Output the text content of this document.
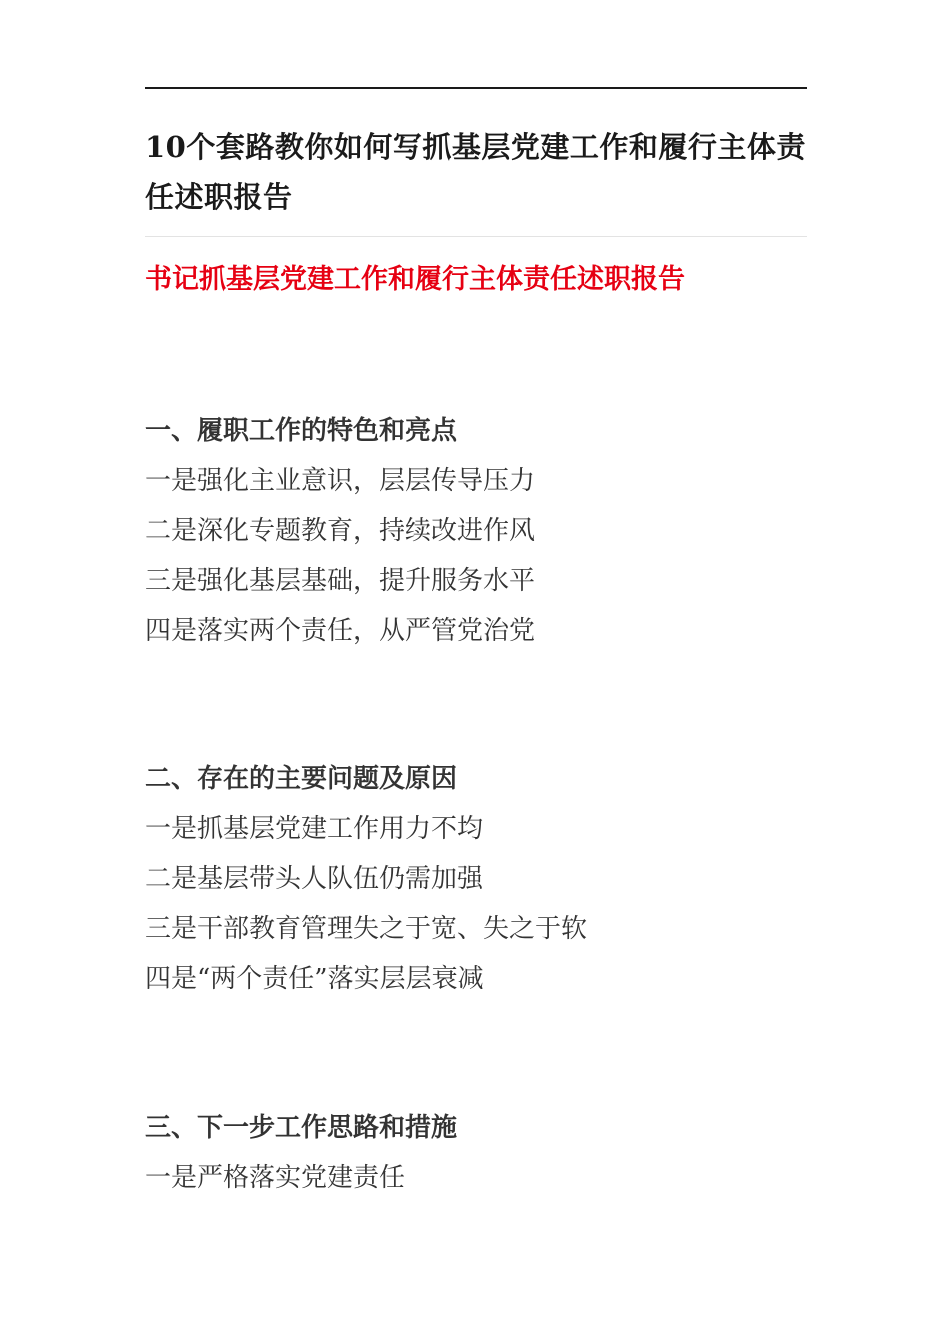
10个套路教你如何写抓基层党建工作和履行主体责任述职报告
书记抓基层党建工作和履行主体责任述职报告

一、履职工作的特色和亮点

一是强化主业意识，层层传导压力

二是深化专题教育，持续改进作风

三是强化基层基础，提升服务水平

四是落实两个责任，从严管党治党

二、存在的主要问题及原因

一是抓基层党建工作用力不均

二是基层带头人队伍仍需加强

三是干部教育管理失之于宽、失之于软

四是“两个责任”落实层层衰减

三、下一步工作思路和措施

一是严格落实党建责任
